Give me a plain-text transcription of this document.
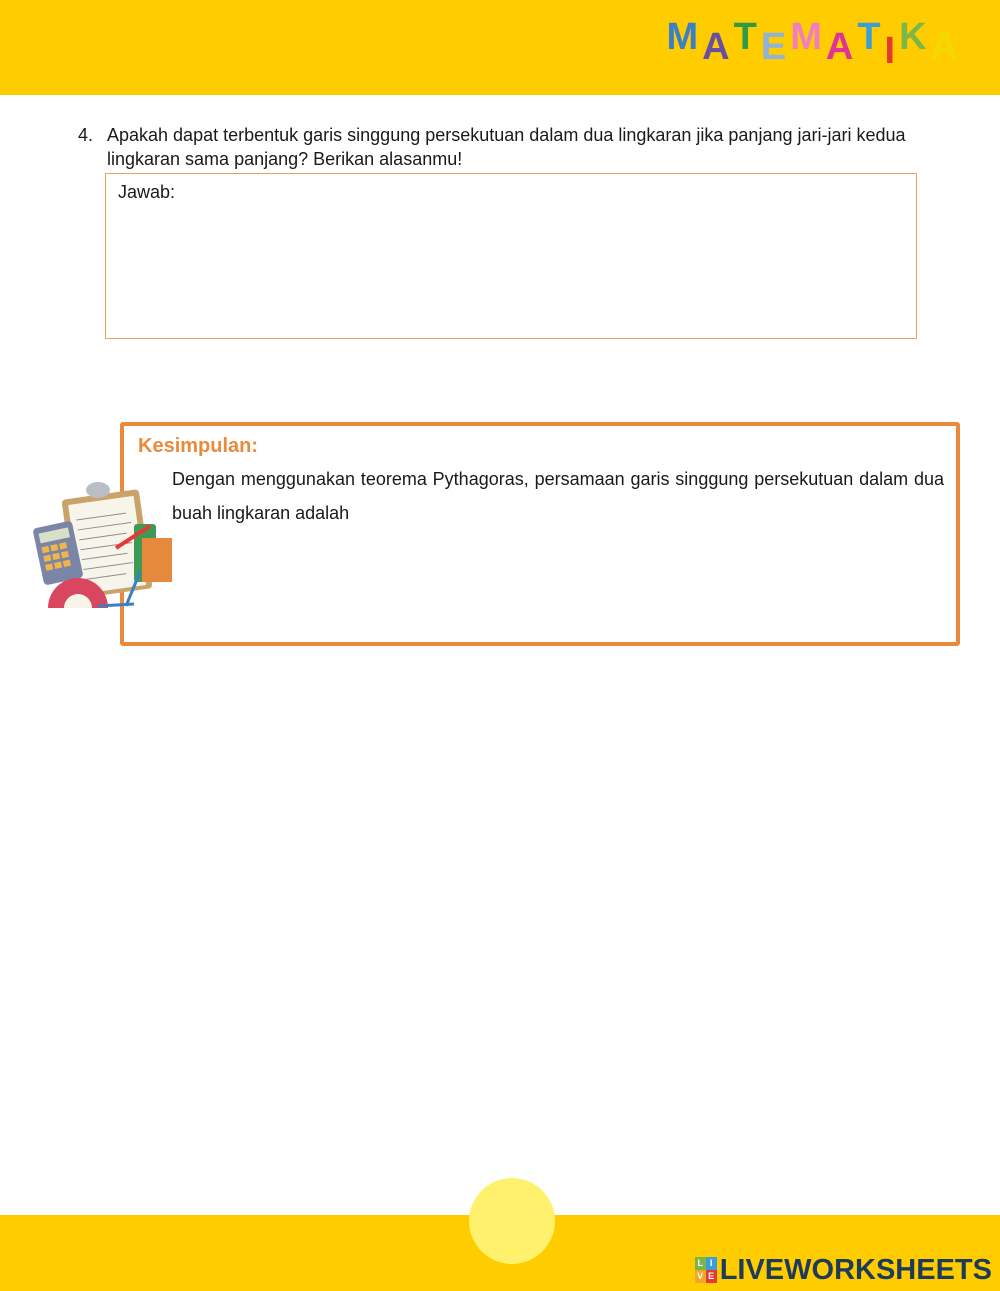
M A T E M A T I K A
4. Apakah dapat terbentuk garis singgung persekutuan dalam dua lingkaran jika panjang jari-jari kedua lingkaran sama panjang? Berikan alasanmu!
Jawab:
Kesimpulan:
Dengan menggunakan teorema Pythagoras, persamaan garis singgung persekutuan dalam dua buah lingkaran adalah
L I
V E LIVEWORKSHEETS
